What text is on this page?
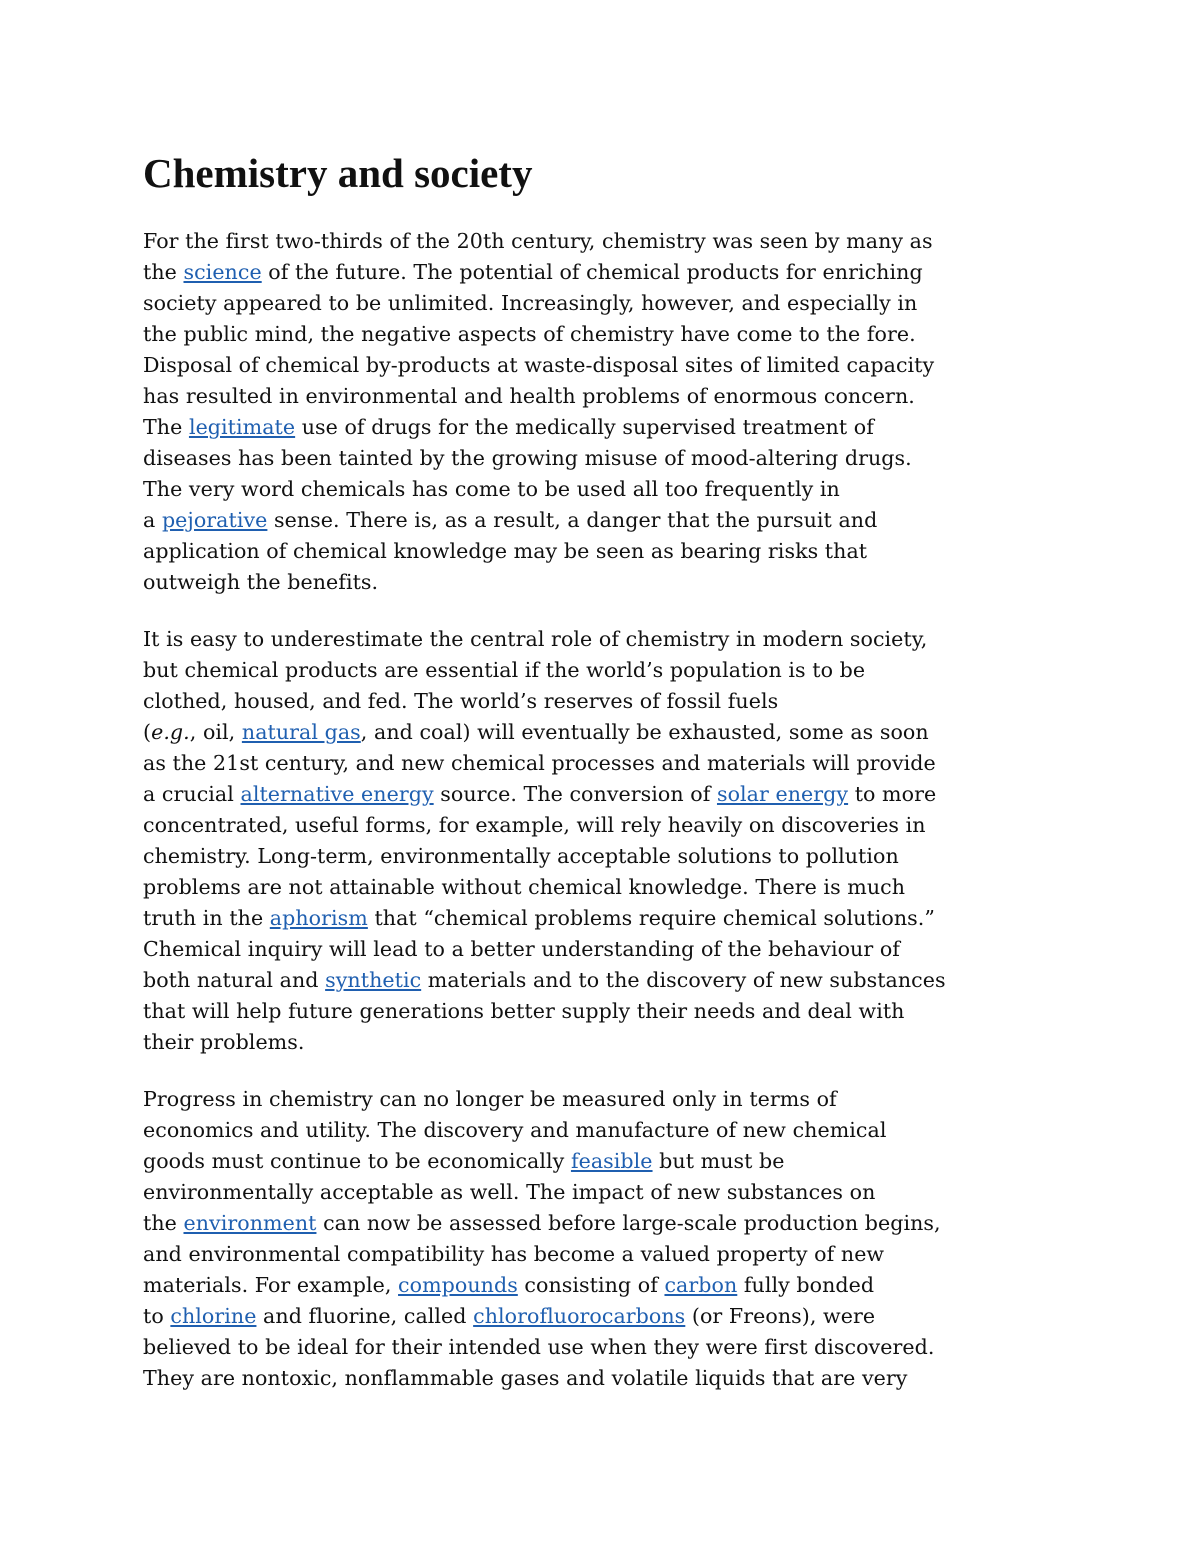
Chemistry and society

For the first two-thirds of the 20th century, chemistry was seen by many as
the science of the future. The potential of chemical products for enriching
society appeared to be unlimited. Increasingly, however, and especially in
the public mind, the negative aspects of chemistry have come to the fore.
Disposal of chemical by-products at waste-disposal sites of limited capacity
has resulted in environmental and health problems of enormous concern.
The legitimate use of drugs for the medically supervised treatment of
diseases has been tainted by the growing misuse of mood-altering drugs.
The very word chemicals has come to be used all too frequently in
a pejorative sense. There is, as a result, a danger that the pursuit and
application of chemical knowledge may be seen as bearing risks that
outweigh the benefits.

It is easy to underestimate the central role of chemistry in modern society,
but chemical products are essential if the world’s population is to be
clothed, housed, and fed. The world’s reserves of fossil fuels
(e.g., oil, natural gas, and coal) will eventually be exhausted, some as soon
as the 21st century, and new chemical processes and materials will provide
a crucial alternative energy source. The conversion of solar energy to more
concentrated, useful forms, for example, will rely heavily on discoveries in
chemistry. Long-term, environmentally acceptable solutions to pollution
problems are not attainable without chemical knowledge. There is much
truth in the aphorism that “chemical problems require chemical solutions.”
Chemical inquiry will lead to a better understanding of the behaviour of
both natural and synthetic materials and to the discovery of new substances
that will help future generations better supply their needs and deal with
their problems.

Progress in chemistry can no longer be measured only in terms of
economics and utility. The discovery and manufacture of new chemical
goods must continue to be economically feasible but must be
environmentally acceptable as well. The impact of new substances on
the environment can now be assessed before large-scale production begins,
and environmental compatibility has become a valued property of new
materials. For example, compounds consisting of carbon fully bonded
to chlorine and fluorine, called chlorofluorocarbons (or Freons), were
believed to be ideal for their intended use when they were first discovered.
They are nontoxic, nonflammable gases and volatile liquids that are very
